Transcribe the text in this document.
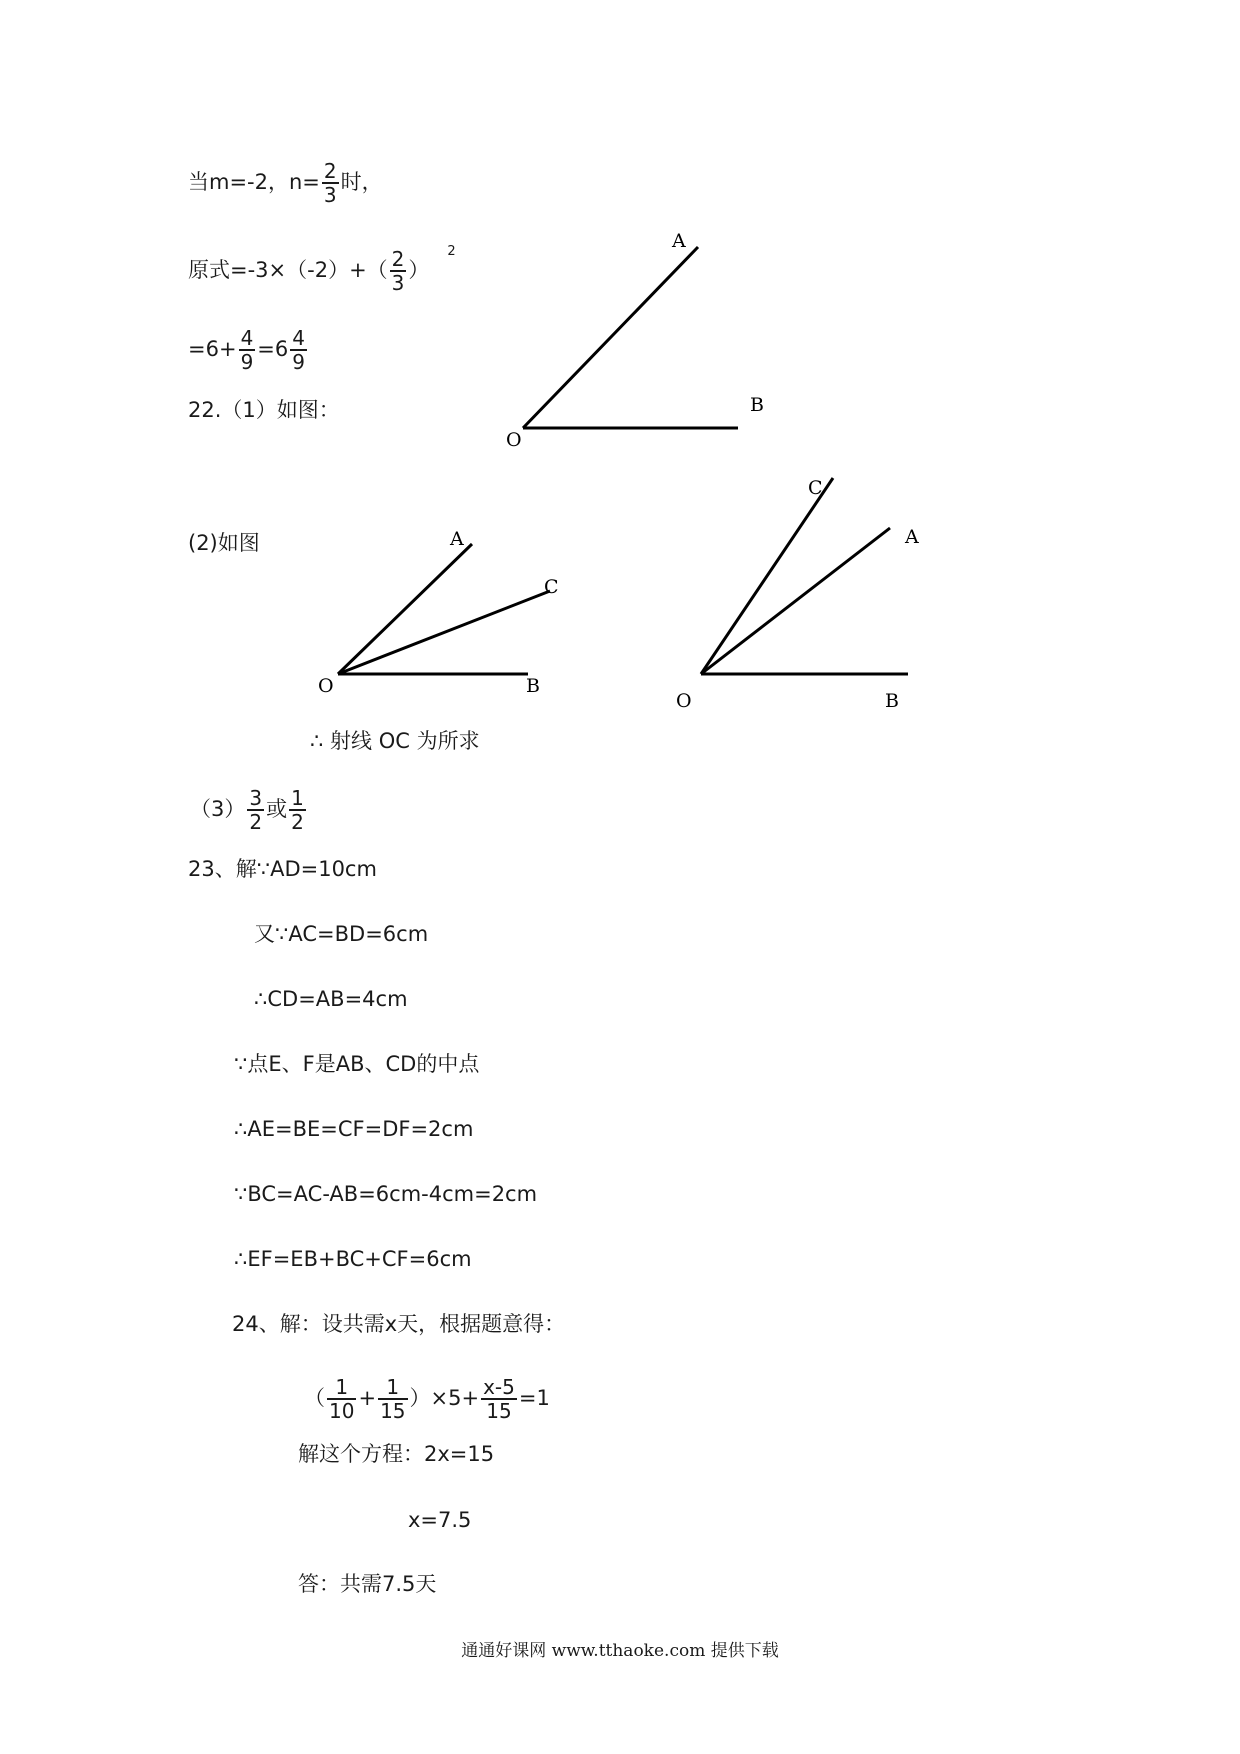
当m=-2，$n= \frac{2}{3}$ 时，
原式$=-3\times(-2)+( \frac{2}{3} )^2$
$=6+ \frac{4}{9} =6 \frac{4}{9}$
22.（1）如图：
A
O
B
A
C
O	B
C
A
O	B
(2)如图
∴ 射线 OC 为所求
$(3) \frac{3}{2}$ 或 $\frac{1}{2}$
23、解∵AD=10cm
又∵AC=BD=6cm
∴CD=AB=4cm
∵点E、F是AB、CD的中点
∴AE=BE=CF=DF=2cm
∵BC=AC-AB=6cm-4cm=2cm
∴EF=EB+BC+CF=6cm
24、解：设共需x天，根据题意得：
（ $\frac{1}{10} + \frac{1}{15} )\times 5+ \frac{x-5}{15} =1$
解这个方程：2x=15
x=7.5
答：共需7.5天
通通好课网 www.tthaoke.com 提供下载
